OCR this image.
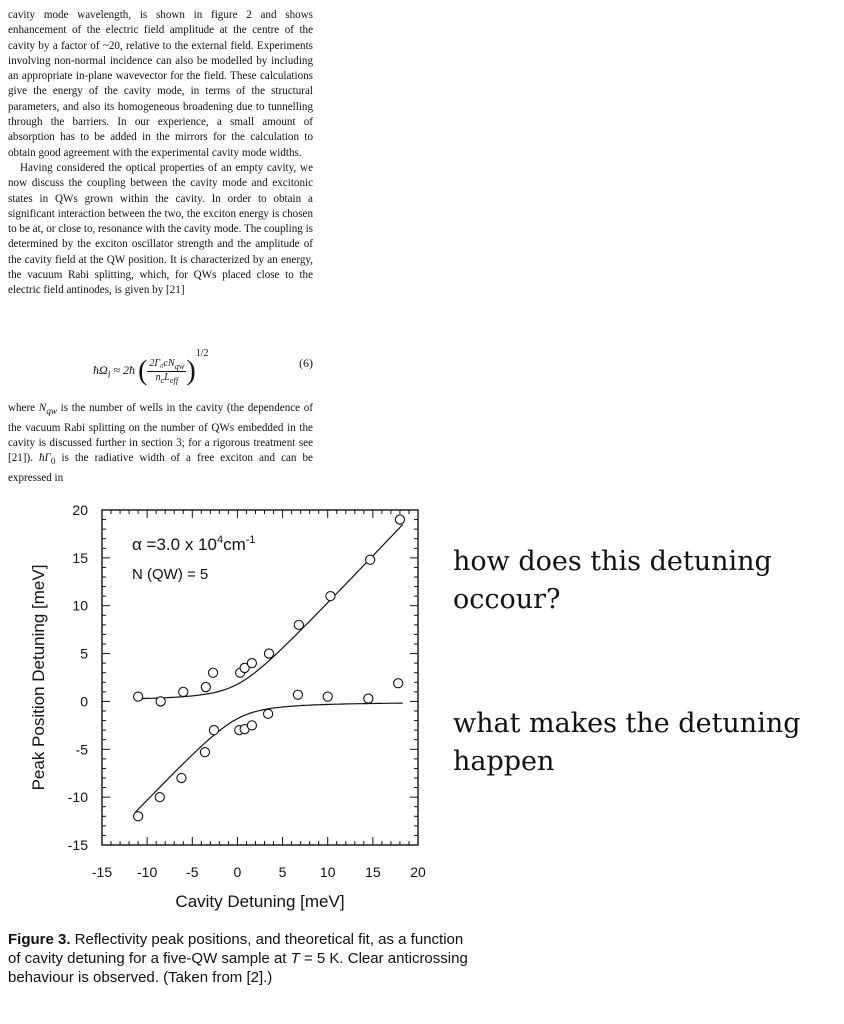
cavity mode wavelength, is shown in figure 2 and shows enhancement of the electric field amplitude at the centre of the cavity by a factor of ~20, relative to the external field. Experiments involving non-normal incidence can also be modelled by including an appropriate in-plane wavevector for the field. These calculations give the energy of the cavity mode, in terms of the structural parameters, and also its homogeneous broadening due to tunnelling through the barriers. In our experience, a small amount of absorption has to be added in the mirrors for the calculation to obtain good agreement with the experimental cavity mode widths.

Having considered the optical properties of an empty cavity, we now discuss the coupling between the cavity mode and excitonic states in QWs grown within the cavity. In order to obtain a significant interaction between the two, the exciton energy is chosen to be at, or close to, resonance with the cavity mode. The coupling is determined by the exciton oscillator strength and the amplitude of the cavity field at the QW position. It is characterized by an energy, the vacuum Rabi splitting, which, for QWs placed close to the electric field antinodes, is given by [21]

$ħ\Omega_i$ ≈ 2ħ ( $\frac{2\Gamma_0cN_{qw}}{n_cL_{eff}} )^{1/2}$
(6)

where $N_{qw}$ is the number of wells in the cavity (the dependence of the vacuum Rabi splitting on the number of QWs embedded in the cavity is discussed further in section 3; for a rigorous treatment see [21]). $ħ\Gamma_0$ is the radiative width of a free exciton and can be expressed in

-15 -10 -5	0	5 10 15 20
-15
-10
-5
0
5
10
15
20
Cavity Detuning [meV]
Peak Position Detuning [meV]
α =3.0 x $10^4cm^{-1}$
N (QW) = 5
Figure 3. Reflectivity peak positions, and theoretical fit, as a function of cavity detuning for a five-QW sample at T = 5 K. Clear anticrossing behaviour is observed. (Taken from [2].)
how does this detuning occour?
what makes the detuning happen
